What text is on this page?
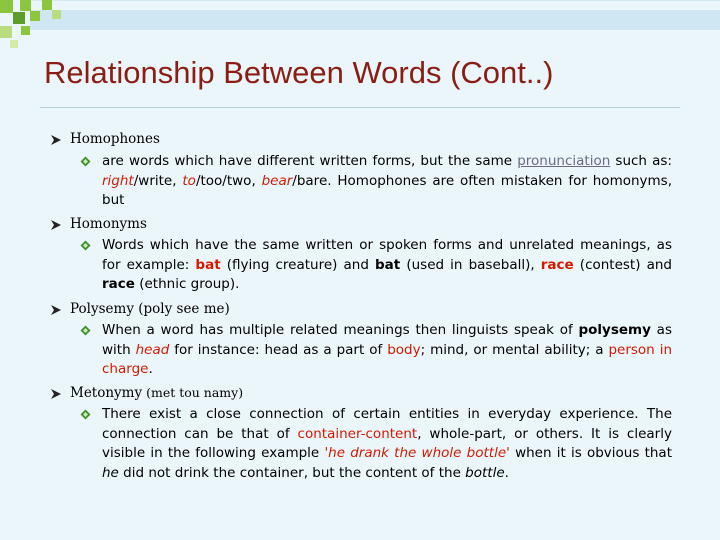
Relationship Between Words (Cont..)
Homophones

are words which have different written forms, but the same pronunciation such as: right/write, to/too/two, bear/bare. Homophones are often mistaken for homonyms, but

Homonyms

Words which have the same written or spoken forms and unrelated meanings, as for example: bat (flying creature) and bat (used in baseball), race (contest) and race (ethnic group).

Polysemy (poly see me)

When a word has multiple related meanings then linguists speak of polysemy as with head for instance: head as a part of body; mind, or mental ability; a person in charge.

Metonymy (met tou namy)

There exist a close connection of certain entities in everyday experience. The connection can be that of container-content, whole-part, or others. It is clearly visible in the following example 'he drank the whole bottle' when it is obvious that he did not drink the container, but the content of the bottle.
